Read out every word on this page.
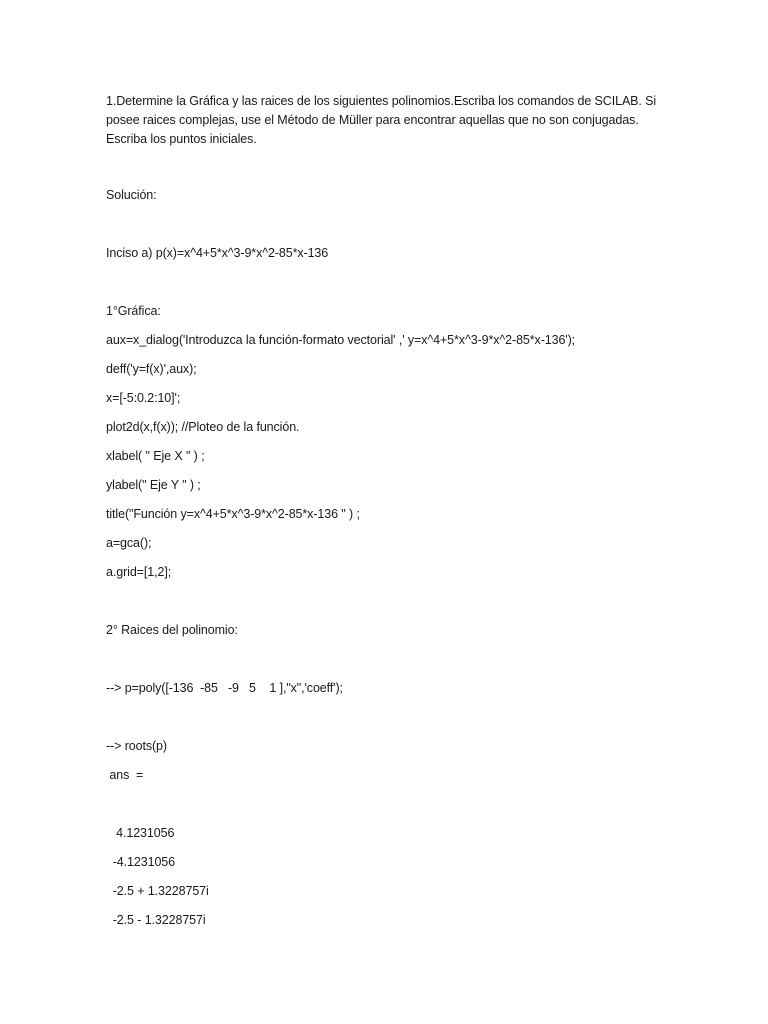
1.Determine la Gráfica y las raices de los siguientes polinomios.Escriba los comandos de SCILAB. Si
posee raices complejas, use el Método de Müller para encontrar aquellas que no son conjugadas.
Escriba los puntos iniciales.
Solución:
Inciso a) p(x)=x^4+5*x^3-9*x^2-85*x-136
1°Gráfica:
aux=x_dialog('Introduzca la función-formato vectorial' ,' y=x^4+5*x^3-9*x^2-85*x-136');
deff('y=f(x)',aux);
x=[-5:0.2:10]';
plot2d(x,f(x)); //Ploteo de la función.
xlabel( " Eje X " ) ;
ylabel(" Eje Y " ) ;
title("Función y=x^4+5*x^3-9*x^2-85*x-136 " ) ;
a=gca();
a.grid=[1,2];
2° Raices del polinomio:
--> p=poly([-136  -85   -9   5    1 ],"x",'coeff');
--> roots(p)
ans  =
4.1231056
-4.1231056
-2.5 + 1.3228757i
-2.5 - 1.3228757i
